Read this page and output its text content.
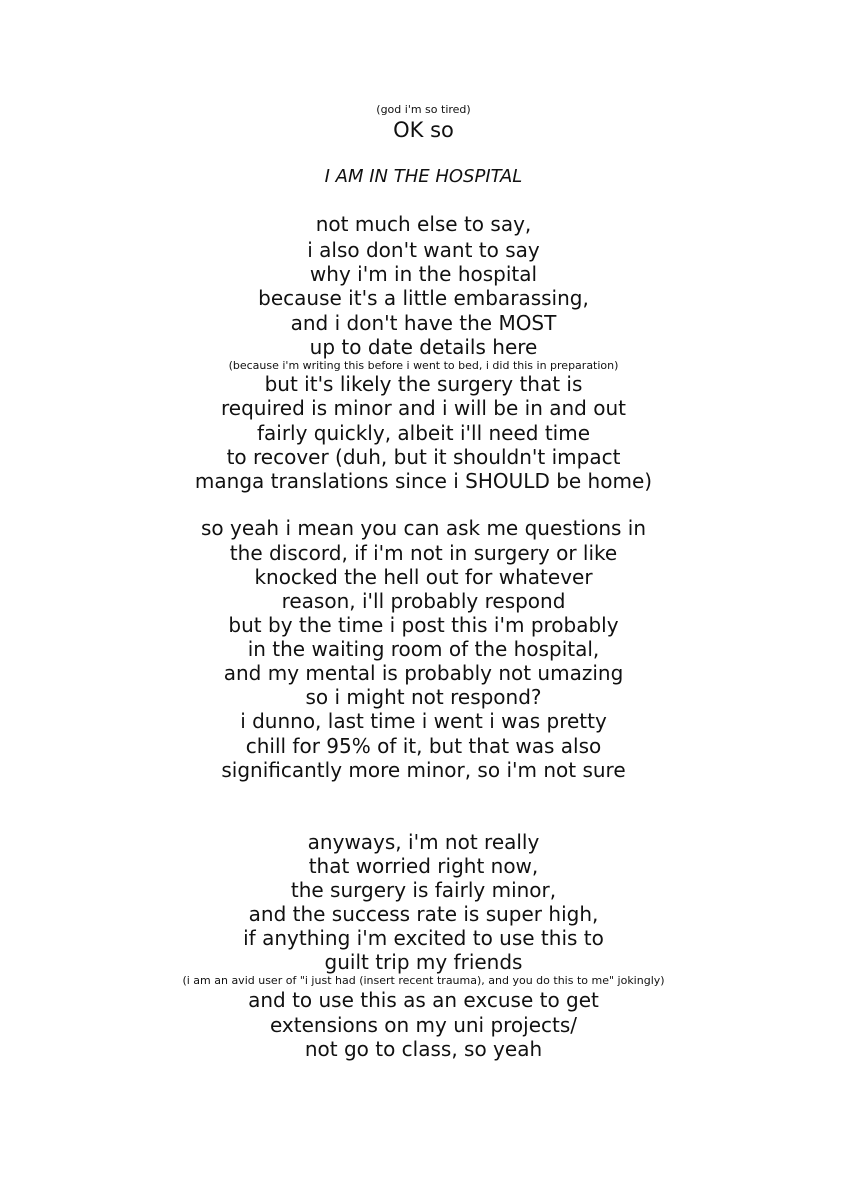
(god i'm so tired)
OK so
I AM IN THE HOSPITAL
not much else to say,
i also don't want to say
why i'm in the hospital
because it's a little embarassing,
and i don't have the MOST
up to date details here
(because i'm writing this before i went to bed, i did this in preparation)
but it's likely the surgery that is
required is minor and i will be in and out
fairly quickly, albeit i'll need time
to recover (duh, but it shouldn't impact
manga translations since i SHOULD be home)
so yeah i mean you can ask me questions in
the discord, if i'm not in surgery or like
knocked the hell out for whatever
reason, i'll probably respond
but by the time i post this i'm probably
in the waiting room of the hospital,
and my mental is probably not umazing
so i might not respond?
i dunno, last time i went i was pretty
chill for 95% of it, but that was also
significantly more minor, so i'm not sure
anyways, i'm not really
that worried right now,
the surgery is fairly minor,
and the success rate is super high,
if anything i'm excited to use this to
guilt trip my friends
(i am an avid user of "i just had (insert recent trauma), and you do this to me" jokingly)
and to use this as an excuse to get
extensions on my uni projects/
not go to class, so yeah
